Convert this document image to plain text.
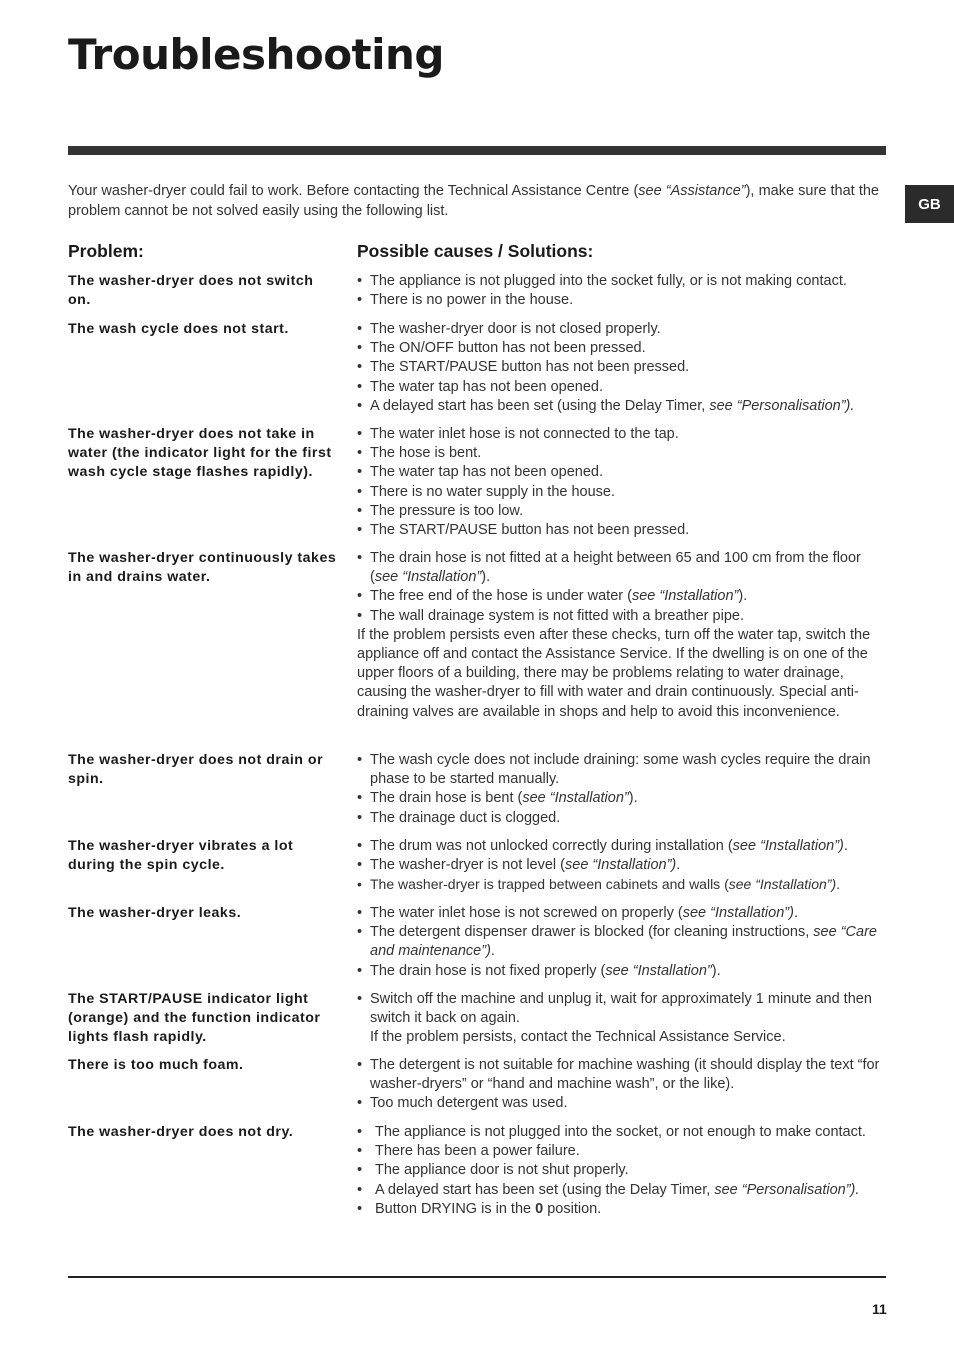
Troubleshooting
GB
Your washer-dryer could fail to work. Before contacting the Technical Assistance Centre (see “Assistance”), make sure that the problem cannot be not solved easily using the following list.
Problem:	Possible causes / Solutions:
The washer-dryer does not switch on.
• The appliance is not plugged into the socket fully, or is not making contact.
• There is no power in the house.
The wash cycle does not start.	• The washer-dryer door is not closed properly.
• The ON/OFF button has not been pressed.
• The START/PAUSE button has not been pressed.
• The water tap has not been opened.
• A delayed start has been set (using the Delay Timer, see “Personalisation”).
The washer-dryer does not take in water (the indicator light for the first wash cycle stage flashes rapidly).
• The water inlet hose is not connected to the tap.
• The hose is bent.
• The water tap has not been opened.
• There is no water supply in the house.
• The pressure is too low.
• The START/PAUSE button has not been pressed.
The washer-dryer continuously takes in and drains water.
• The drain hose is not fitted at a height between 65 and 100 cm from the floor (see “Installation”).
• The free end of the hose is under water (see “Installation”).
• The wall drainage system is not fitted with a breather pipe.
If the problem persists even after these checks, turn off the water tap, switch the appliance off and contact the Assistance Service. If the dwelling is on one of the upper floors of a building, there may be problems relating to water drainage, causing the washer-dryer to fill with water and drain continuously. Special anti-draining valves are available in shops and help to avoid this inconvenience.
The washer-dryer does not drain or spin.
• The wash cycle does not include draining: some wash cycles require the drain phase to be started manually.
• The drain hose is bent (see “Installation”).
• The drainage duct is clogged.
The washer-dryer vibrates a lot during the spin cycle.
• The drum was not unlocked correctly during installation (see “Installation”).
• The washer-dryer is not level (see “Installation”).
• The washer-dryer is trapped between cabinets and walls (see “Installation”).
The washer-dryer leaks.	• The water inlet hose is not screwed on properly (see “Installation”).
• The detergent dispenser drawer is blocked (for cleaning instructions, see “Care and maintenance”).
• The drain hose is not fixed properly (see “Installation”).
The START/PAUSE indicator light (orange) and the function indicator lights flash rapidly.
• Switch off the machine and unplug it, wait for approximately 1 minute and then switch it back on again.
If the problem persists, contact the Technical Assistance Service.
There is too much foam.	• The detergent is not suitable for machine washing (it should display the text “for washer-dryers” or “hand and machine wash”, or the like).
• Too much detergent was used.
The washer-dryer does not dry.	• The appliance is not plugged into the socket, or not enough to make contact.
• There has been a power failure.
• The appliance door is not shut properly.
• A delayed start has been set (using the Delay Timer, see “Personalisation”).
• Button DRYING is in the 0 position.
11
